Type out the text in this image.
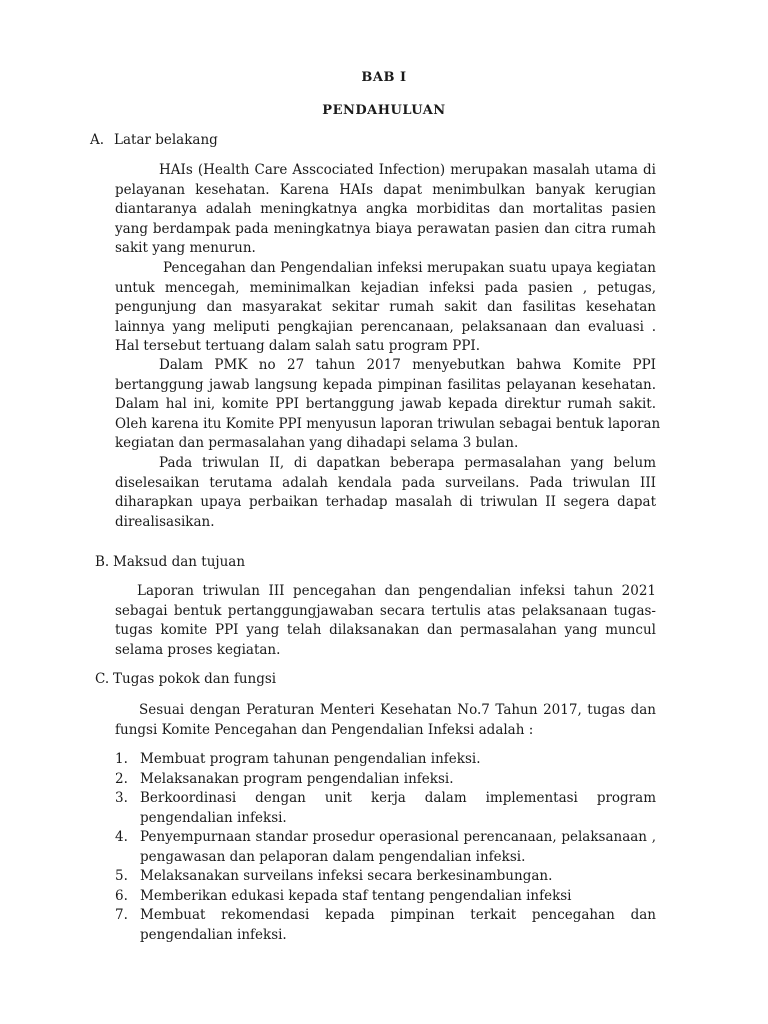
BAB I
PENDAHULUAN
A. Latar belakang
HAIs (Health Care Asscociated Infection) merupakan masalah utama di
pelayanan kesehatan. Karena HAIs dapat menimbulkan banyak kerugian
diantaranya adalah meningkatnya angka morbiditas dan mortalitas pasien
yang berdampak pada meningkatnya biaya perawatan pasien dan citra rumah
sakit yang menurun.
Pencegahan dan Pengendalian infeksi merupakan suatu upaya kegiatan
untuk mencegah, meminimalkan kejadian infeksi pada pasien , petugas,
pengunjung dan masyarakat sekitar rumah sakit dan fasilitas kesehatan
lainnya yang meliputi pengkajian perencanaan, pelaksanaan dan evaluasi .
Hal tersebut tertuang dalam salah satu program PPI.
Dalam PMK no 27 tahun 2017 menyebutkan bahwa Komite PPI
bertanggung jawab langsung kepada pimpinan fasilitas pelayanan kesehatan.
Dalam hal ini, komite PPI bertanggung jawab kepada direktur rumah sakit.
Oleh karena itu Komite PPI menyusun laporan triwulan sebagai bentuk laporan
kegiatan dan permasalahan yang dihadapi selama 3 bulan.
Pada triwulan II, di dapatkan beberapa permasalahan yang belum
diselesaikan terutama adalah kendala pada surveilans. Pada triwulan III
diharapkan upaya perbaikan terhadap masalah di triwulan II segera dapat
direalisasikan.
B. Maksud dan tujuan
Laporan triwulan III pencegahan dan pengendalian infeksi tahun 2021
sebagai bentuk pertanggungjawaban secara tertulis atas pelaksanaan tugas-
tugas komite PPI yang telah dilaksanakan dan permasalahan yang muncul
selama proses kegiatan.
C. Tugas pokok dan fungsi
Sesuai dengan Peraturan Menteri Kesehatan No.7 Tahun 2017, tugas dan
fungsi Komite Pencegahan dan Pengendalian Infeksi adalah :
1. Membuat program tahunan pengendalian infeksi.
2. Melaksanakan program pengendalian infeksi.
3. Berkoordinasi dengan unit kerja dalam implementasi program
pengendalian infeksi.
4. Penyempurnaan standar prosedur operasional perencanaan, pelaksanaan ,
pengawasan dan pelaporan dalam pengendalian infeksi.
5. Melaksanakan surveilans infeksi secara berkesinambungan.
6. Memberikan edukasi kepada staf tentang pengendalian infeksi
7. Membuat rekomendasi kepada pimpinan terkait pencegahan dan
pengendalian infeksi.
